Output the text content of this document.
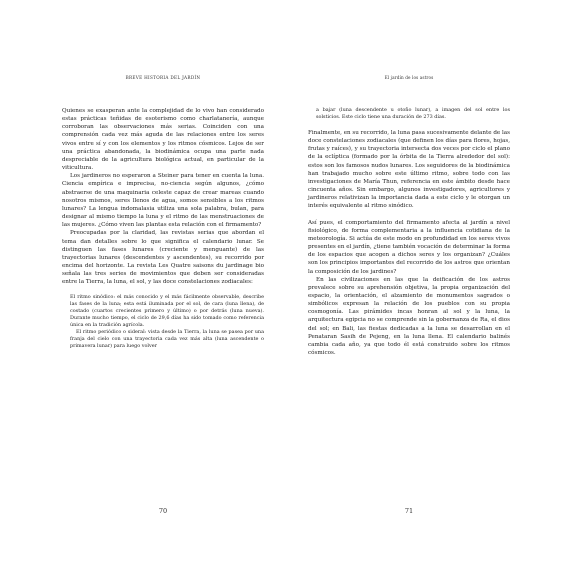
BREVE HISTORIA DEL JARDÍN

Quienes se exasperan ante la complejidad de lo vivo han considerado estas prácticas teñidas de esoterismo como charlatanería, aunque corroboran las observaciones más serias. Coinciden con una comprensión cada vez más aguda de las relaciones entre los seres vivos entre sí y con los elementos y los ritmos cósmicos. Lejos de ser una práctica abandonada, la biodinámica ocupa una parte nada despreciable de la agricultura biológica actual, en particular de la viticultura.

Los jardineros no esperaron a Steiner para tener en cuenta la luna. Ciencia empírica e imprecisa, no-ciencia según algunos, ¿cómo abstraerse de una maquinaria celeste capaz de crear mareas cuando nosotros mismos, seres llenos de agua, somos sensibles a los ritmos lunares? La lengua indomalasia utiliza una sola palabra, bulan, para designar al mismo tiempo la luna y el ritmo de las menstruaciones de las mujeres. ¿Cómo viven las plantas esta relación con el firmamento?

Preocupadas por la claridad, las revistas serias que abordan el tema dan detalles sobre lo que significa el calendario lunar. Se distinguen las fases lunares (creciente y menguante) de las trayectorias lunares (descendentes y ascendentes), su recorrido por encima del horizonte. La revista Les Quatre saisons du jardinage bio señala las tres series de movimientos que deben ser consideradas entre la Tierra, la luna, el sol, y las doce constelaciones zodiacales:

El ritmo sinódico: el más conocido y el más fácilmente observable, describe las fases de la luna; esta está iluminada por el sol, de cara (luna llena), de costado (cuartos crecientes primero y último) o por detrás (luna nueva). Durante mucho tiempo, el ciclo de 29,6 días ha sido tomado como referencia única en la tradición agrícola.

El ritmo periódico o sideral: vista desde la Tierra, la luna se pasea por una franja del cielo con una trayectoria cada vez más alta (luna ascendente o primavera lunar) para luego volver

70
El jardín de los astros

a bajar (luna descendente u otoño lunar), a imagen del sol entre los solsticios. Este ciclo tiene una duración de 273 días.

Finalmente, en su recorrido, la luna pasa sucesivamente delante de las doce constelaciones zodiacales (que definen los días para flores, hojas, frutas y raíces), y su trayectoria intersecta dos veces por ciclo el plano de la eclíptica (formado por la órbita de la Tierra alrededor del sol): estos son los famosos nudos lunares. Los seguidores de la biodinámica han trabajado mucho sobre este último ritmo, sobre todo con las investigaciones de María Thun, referencia en este ámbito desde hace cincuenta años. Sin embargo, algunos investigadores, agricultores y jardineros relativizan la importancia dada a este ciclo y le otorgan un interés equivalente al ritmo sinódico.

Así pues, el comportamiento del firmamento afecta al jardín a nivel fisiológico, de forma complementaria a la influencia cotidiana de la meteorología. Si actúa de este modo en profundidad en los seres vivos presentes en el jardín, ¿tiene también vocación de determinar la forma de los espacios que acogen a dichos seres y los organizan? ¿Cuáles son los principios importantes del recorrido de los astros que orientan la composición de los jardines?

En las civilizaciones en las que la deificación de los astros prevalece sobre su aprehensión objetiva, la propia organización del espacio, la orientación, el alzamiento de monumentos sagrados o simbólicos expresan la relación de los pueblos con su propia cosmogonía. Las pirámides incas honran al sol y la luna, la arquitectura egipcia no se comprende sin la gobernanza de Ra, el dios del sol; en Bali, las fiestas dedicadas a la luna se desarrollan en el Penataran Sasih de Pejeng, en la luna llena. El calendario balinés cambia cada año, ya que todo él está construido sobre los ritmos cósmicos.

71
